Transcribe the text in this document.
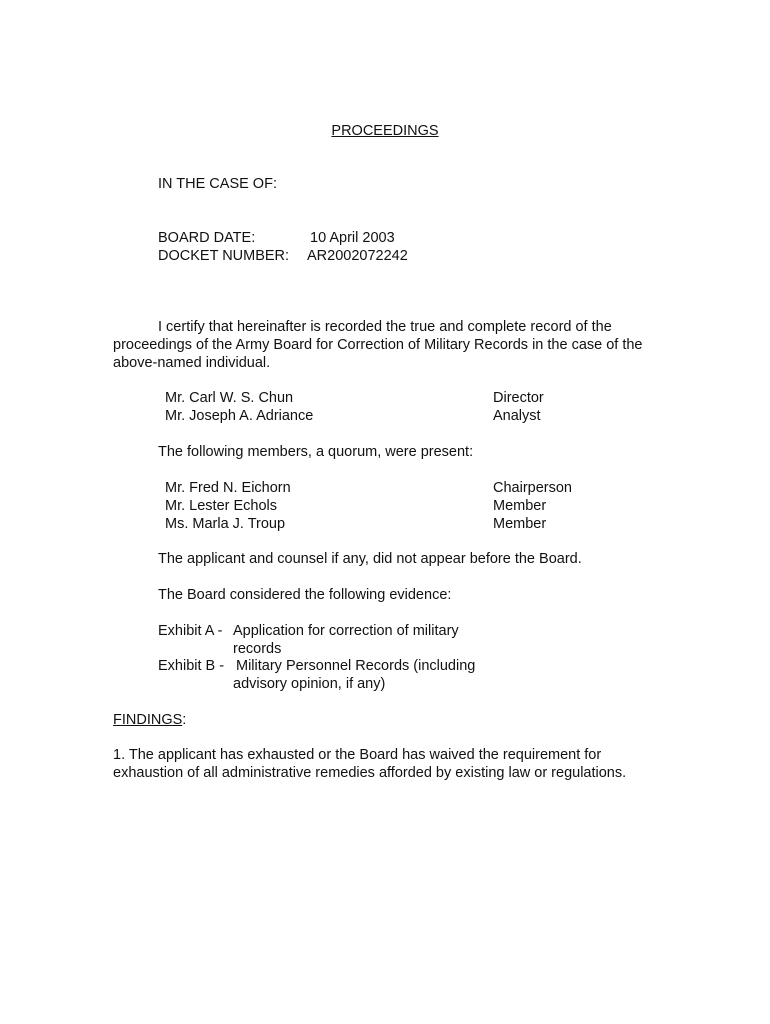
PROCEEDINGS
IN THE CASE OF:
BOARD DATE:	10 April 2003
DOCKET NUMBER: AR2002072242

I certify that hereinafter is recorded the true and complete record of the proceedings of the Army Board for Correction of Military Records in the case of the above-named individual.

Mr. Carl W. S. Chun	Director
Mr. Joseph A. Adriance	Analyst
The following members, a quorum, were present:
Mr. Fred N. Eichorn	Chairperson
Mr. Lester Echols	Member
Ms. Marla J. Troup	Member
The applicant and counsel if any, did not appear before the Board.
The Board considered the following evidence:
Exhibit A - Application for correction of military
records
Exhibit B - Military Personnel Records (including
advisory opinion, if any)
FINDINGS:

1. The applicant has exhausted or the Board has waived the requirement for exhaustion of all administrative remedies afforded by existing law or regulations.
